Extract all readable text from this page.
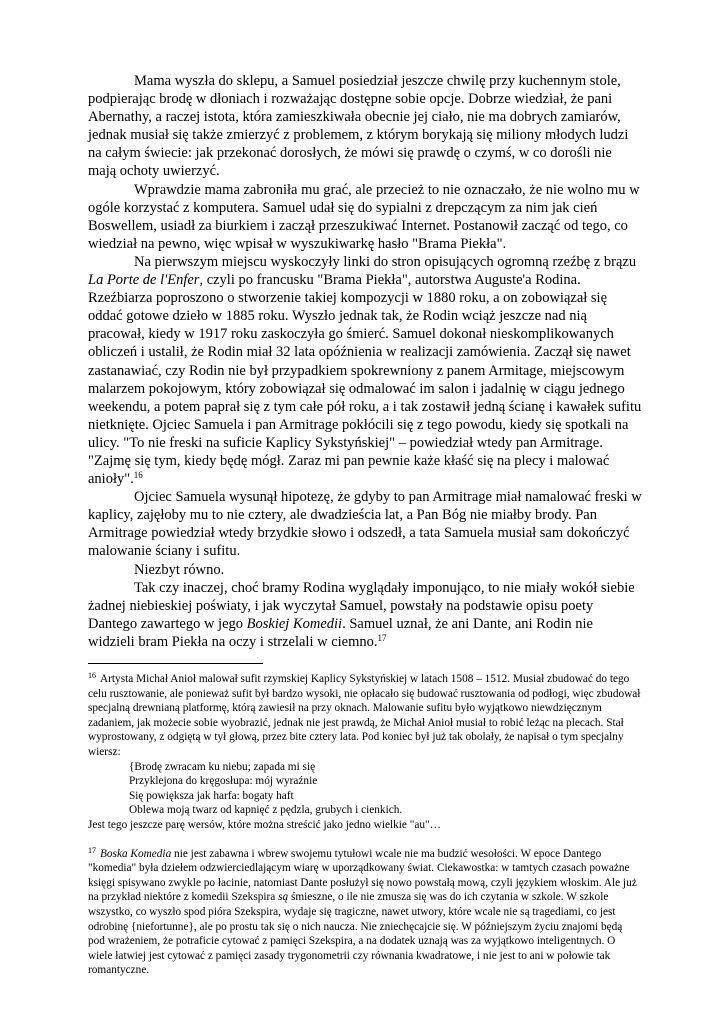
Mama wyszła do sklepu, a Samuel posiedział jeszcze chwilę przy kuchennym stole, podpierając brodę w dłoniach i rozważając dostępne sobie opcje. Dobrze wiedział, że pani Abernathy, a raczej istota, która zamieszkiwała obecnie jej ciało, nie ma dobrych zamiarów, jednak musiał się także zmierzyć z problemem, z którym borykają się miliony młodych ludzi na całym świecie: jak przekonać dorosłych, że mówi się prawdę o czymś, w co dorośli nie mają ochoty uwierzyć.

Wprawdzie mama zabroniła mu grać, ale przecież to nie oznaczało, że nie wolno mu w ogóle korzystać z komputera. Samuel udał się do sypialni z drepczącym za nim jak cień Boswellem, usiadł za biurkiem i zaczął przeszukiwać Internet. Postanowił zacząć od tego, co wiedział na pewno, więc wpisał w wyszukiwarkę hasło "Brama Piekła".

Na pierwszym miejscu wyskoczyły linki do stron opisujących ogromną rzeźbę z brązu La Porte de l'Enfer, czyli po francusku "Brama Piekła", autorstwa Auguste'a Rodina. Rzeźbiarza poproszono o stworzenie takiej kompozycji w 1880 roku, a on zobowiązał się oddać gotowe dzieło w 1885 roku. Wyszło jednak tak, że Rodin wciąż jeszcze nad nią pracował, kiedy w 1917 roku zaskoczyła go śmierć. Samuel dokonał nieskomplikowanych obliczeń i ustalił, że Rodin miał 32 lata opóźnienia w realizacji zamówienia. Zaczął się nawet zastanawiać, czy Rodin nie był przypadkiem spokrewniony z panem Armitage, miejscowym malarzem pokojowym, który zobowiązał się odmalować im salon i jadalnię w ciągu jednego weekendu, a potem paprał się z tym całe pół roku, a i tak zostawił jedną ścianę i kawałek sufitu nietknięte. Ojciec Samuela i pan Armitrage pokłócili się z tego powodu, kiedy się spotkali na ulicy. "To nie freski na suficie Kaplicy Sykstyńskiej" – powiedział wtedy pan Armitrage. "Zajmę się tym, kiedy będę mógł. Zaraz mi pan pewnie każe kłaść się na plecy i malować anioły".$^{16}$

Ojciec Samuela wysunął hipotezę, że gdyby to pan Armitrage miał namalować freski w kaplicy, zajęłoby mu to nie cztery, ale dwadzieścia lat, a Pan Bóg nie miałby brody. Pan Armitrage powiedział wtedy brzydkie słowo i odszedł, a tata Samuela musiał sam dokończyć malowanie ściany i sufitu.

Niezbyt równo.

Tak czy inaczej, choć bramy Rodina wyglądały imponująco, to nie miały wokół siebie żadnej niebieskiej poświaty, i jak wyczytał Samuel, powstały na podstawie opisu poety Dantego zawartego w jego Boskiej Komedii. Samuel uznał, że ani Dante, ani Rodin nie widzieli bram Piekła na oczy i strzelali w ciemno.$^{17}$

$^{16}$ Artysta Michał Anioł malował sufit rzymskiej Kaplicy Sykstyńskiej w latach 1508 – 1512. Musiał zbudować do tego celu rusztowanie, ale ponieważ sufit był bardzo wysoki, nie opłacało się budować rusztowania od podłogi, więc zbudował specjalną drewnianą platformę, którą zawiesił na przy oknach. Malowanie sufitu było wyjątkowo niewdzięcznym zadaniem, jak możecie sobie wyobrazić, jednak nie jest prawdą, że Michał Anioł musiał to robić leżąc na plecach. Stał wyprostowany, z odgiętą w tył głową, przez bite cztery lata. Pod koniec był już tak obolały, że napisał o tym specjalny wiersz:

{Brodę zwracam ku niebu; zapada mi się
Przyklejona do kręgosłupa: mój wyraźnie
Się powiększa jak harfa: bogaty haft
Oblewa moją twarz od kapnięć z pędzla, grubych i cienkich.

Jest tego jeszcze parę wersów, które można streścić jako jedno wielkie "au"…

$^{17}$ Boska Komedia nie jest zabawna i wbrew swojemu tytułowi wcale nie ma budzić wesołości. W epoce Dantego "komedia" była dziełem odzwierciedlającym wiarę w uporządkowany świat. Ciekawostka: w tamtych czasach poważne księgi spisywano zwykle po łacinie, natomiast Dante posłużył się nowo powstałą mową, czyli językiem włoskim. Ale już na przykład niektóre z komedii Szekspira są śmieszne, o ile nie zmusza się was do ich czytania w szkole. W szkole wszystko, co wyszło spod pióra Szekspira, wydaje się tragiczne, nawet utwory, które wcale nie są tragediami, co jest odrobinę {niefortunne}, ale po prostu tak się o nich naucza. Nie zniechęcajcie się. W późniejszym życiu znajomi będą pod wrażeniem, że potraficie cytować z pamięci Szekspira, a na dodatek uznają was za wyjątkowo inteligentnych. O wiele łatwiej jest cytować z pamięci zasady trygonometrii czy równania kwadratowe, i nie jest to ani w połowie tak romantyczne.
